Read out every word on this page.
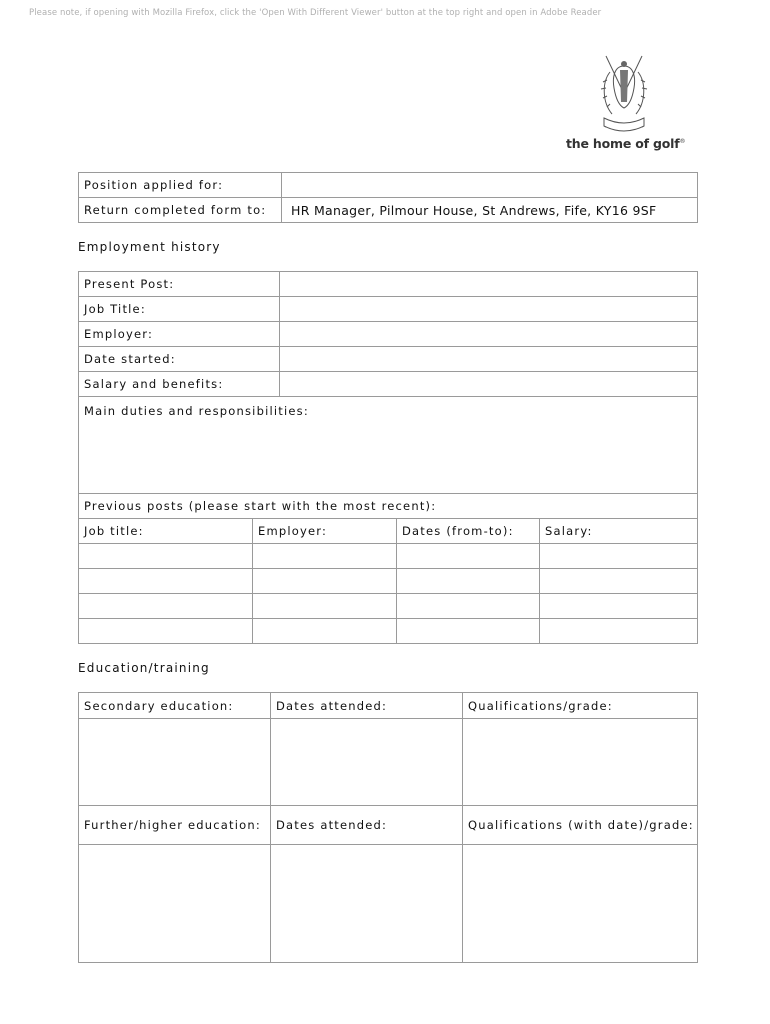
Please note, if opening with Mozilla Firefox, click the 'Open With Different Viewer' button at the top right and open in Adobe Reader
the home of golf®
Position applied for:	
Return completed form to:	HR Manager, Pilmour House, St Andrews, Fife, KY16 9SF
Employment history
Present Post:	
Job Title:	
Employer:	
Date started:	
Salary and benefits:	
Main duties and responsibilities:	
Previous posts (please start with the most recent):			
Job title:	Employer:	Dates (from-to):	Salary:

Education/training
Secondary education:	Dates attended:	Qualifications/grade:

Further/higher education:	Dates attended:	Qualifications (with date)/grade:
